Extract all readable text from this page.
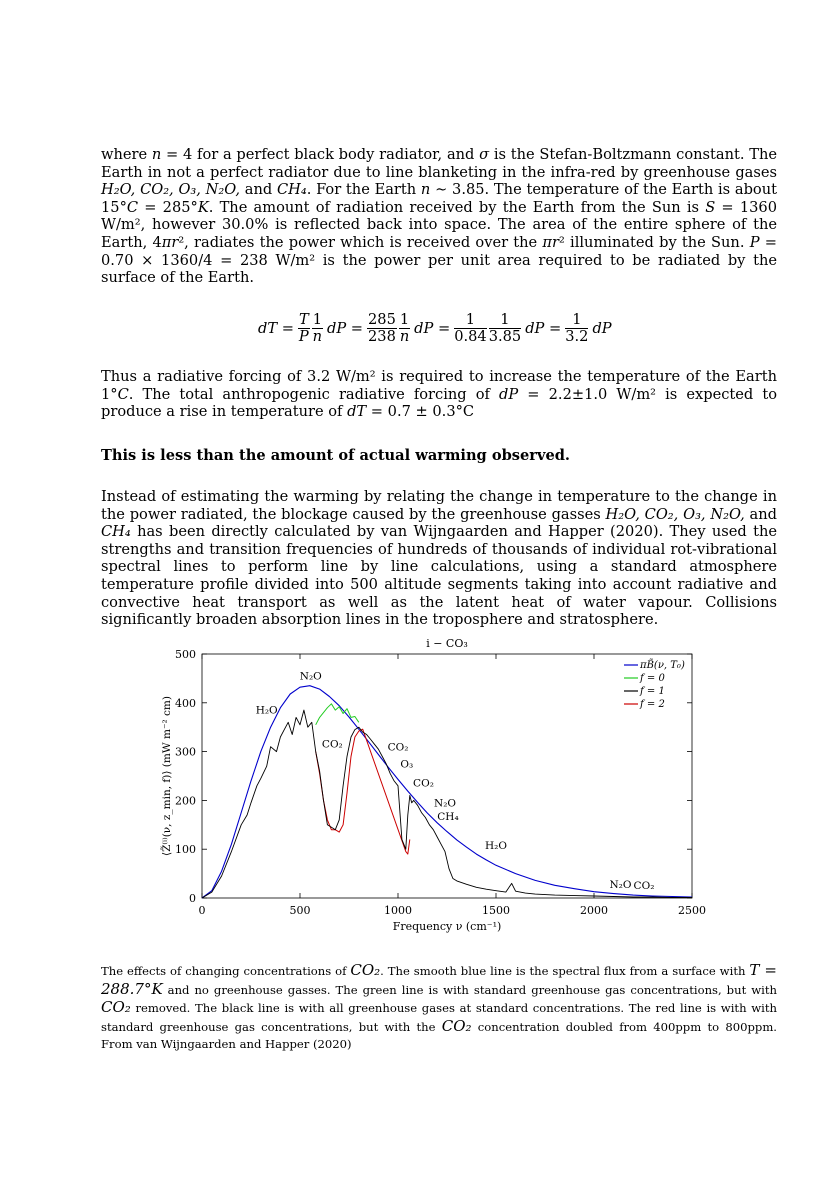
where n = 4 for a perfect black body radiator, and σ is the Stefan-Boltzmann constant. The Earth in not a perfect radiator due to line blanketing in the infra-red by greenhouse gases H₂O, CO₂, O₃, N₂O, and CH₄. For the Earth n ∼ 3.85. The temperature of the Earth is about 15°C = 285°K. The amount of radiation received by the Earth from the Sun is S = 1360 W/m², however 30.0% is reflected back into space. The area of the entire sphere of the Earth, 4πr², radiates the power which is received over the πr² illuminated by the Sun. P = 0.70 × 1360/4 = 238 W/m² is the power per unit area required to be radiated by the surface of the Earth.

dT = $\frac{T}{P} \frac{1}{n}$ dP = $\frac{285}{238} \frac{1}{n}$ dP = $\frac{1}{0.84} \frac{1}{3.85}$ dP = $\frac{1}{3.2}$ dP

Thus a radiative forcing of 3.2 W/m² is required to increase the temperature of the Earth 1°C. The total anthropogenic radiative forcing of dP = 2.2±1.0 W/m² is expected to produce a rise in temperature of dT = 0.7 ± 0.3°C

This is less than the amount of actual warming observed.

Instead of estimating the warming by relating the change in temperature to the change in the power radiated, the blockage caused by the greenhouse gasses H₂O, CO₂, O₃, N₂O, and CH₄ has been directly calculated by van Wijngaarden and Happer (2020). They used the strengths and transition frequencies of hundreds of thousands of individual rot-vibrational spectral lines to perform line by line calculations, using a standard atmosphere temperature profile divided into 500 altitude segments taking into account radiative and convective heat transport as well as the latent heat of water vapour. Collisions significantly broaden absorption lines in the troposphere and stratosphere.

0	500	1000	1500	2000	2500
0
100
200
300
400
500
i − CO₃
Frequency ν (cm⁻¹)
⟨Z̃⁽ⁱ⁾(ν, z_min, f)⟩ (mW m⁻² cm)
N₂O
H₂O
CO₂	CO₂
O₃
CO₂
N₂O
CH₄
H₂O
N₂O CO₂
πB̃(ν, T₀)
f = 0
f = 1
f = 2

The effects of changing concentrations of CO₂. The smooth blue line is the spectral flux from a surface with T = 288.7°K and no greenhouse gasses. The green line is with standard greenhouse gas concentrations, but with CO₂ removed. The black line is with all greenhouse gases at standard concentrations. The red line is with with standard greenhouse gas concentrations, but with the CO₂ concentration doubled from 400ppm to 800ppm. From van Wijngaarden and Happer (2020)
